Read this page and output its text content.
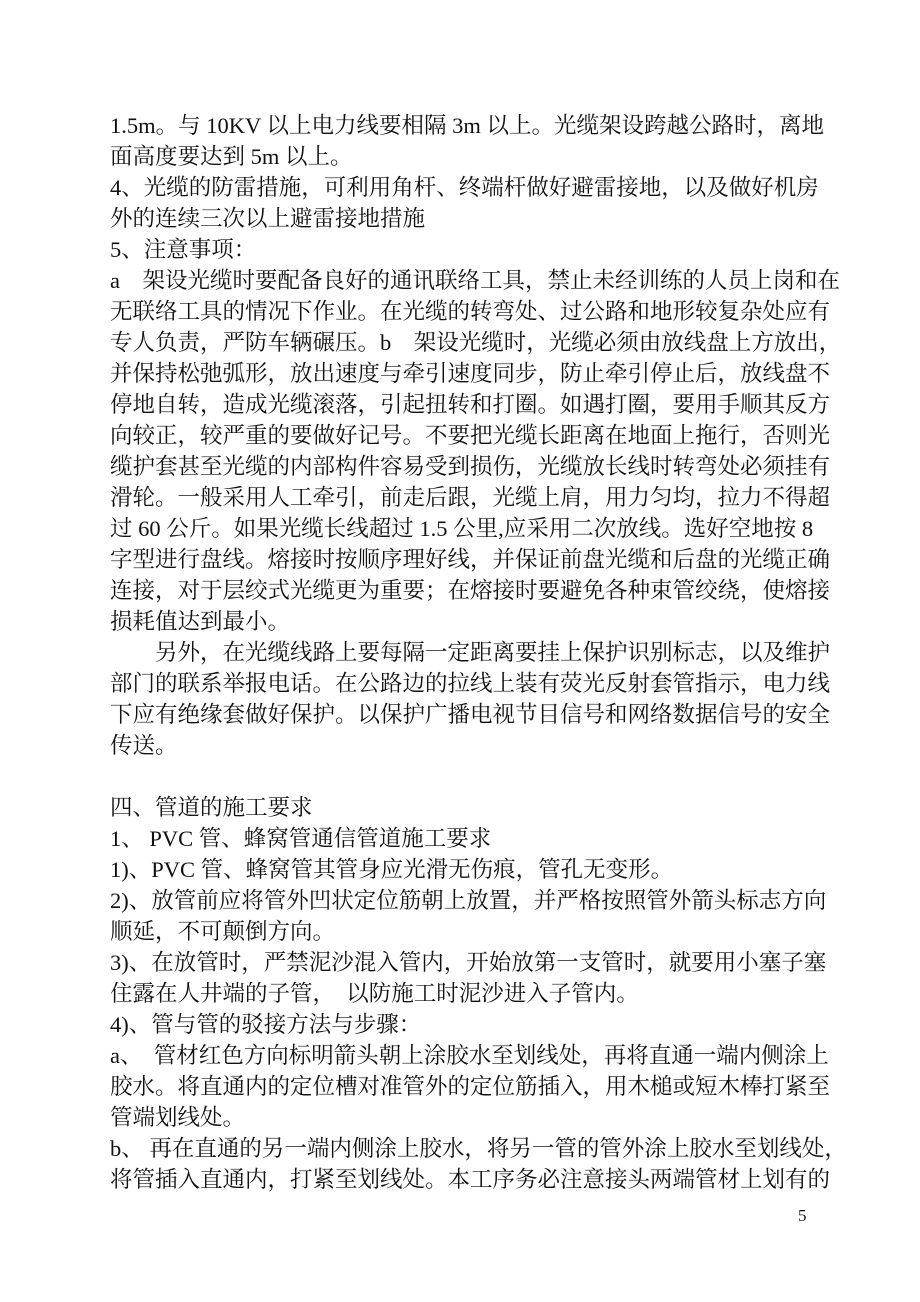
1.5m。与 10KV 以上电力线要相隔 3m 以上。光缆架设跨越公路时，离地
面高度要达到 5m 以上。
4、光缆的防雷措施，可利用角杆、终端杆做好避雷接地，以及做好机房
外的连续三次以上避雷接地措施
5、注意事项：
a　架设光缆时要配备良好的通讯联络工具，禁止未经训练的人员上岗和在
无联络工具的情况下作业。在光缆的转弯处、过公路和地形较复杂处应有
专人负责，严防车辆碾压。b　架设光缆时，光缆必须由放线盘上方放出，
并保持松弛弧形，放出速度与牵引速度同步，防止牵引停止后，放线盘不
停地自转，造成光缆滚落，引起扭转和打圈。如遇打圈，要用手顺其反方
向较正，较严重的要做好记号。不要把光缆长距离在地面上拖行，否则光
缆护套甚至光缆的内部构件容易受到损伤，光缆放长线时转弯处必须挂有
滑轮。一般采用人工牵引，前走后跟，光缆上肩，用力匀均，拉力不得超
过 60 公斤。如果光缆长线超过 1.5 公里,应采用二次放线。选好空地按 8
字型进行盘线。熔接时按顺序理好线，并保证前盘光缆和后盘的光缆正确
连接，对于层绞式光缆更为重要；在熔接时要避免各种束管绞绕，使熔接
损耗值达到最小。
　　另外，在光缆线路上要每隔一定距离要挂上保护识别标志，以及维护
部门的联系举报电话。在公路边的拉线上装有荧光反射套管指示，电力线
下应有绝缘套做好保护。以保护广播电视节目信号和网络数据信号的安全
传送。
四、管道的施工要求
1、 PVC 管、蜂窝管通信管道施工要求
1)、PVC 管、蜂窝管其管身应光滑无伤痕，管孔无变形。
2)、放管前应将管外凹状定位筋朝上放置，并严格按照管外箭头标志方向
顺延，不可颠倒方向。
3)、在放管时，严禁泥沙混入管内，开始放第一支管时，就要用小塞子塞
住露在人井端的子管，　以防施工时泥沙进入子管内。
4)、管与管的驳接方法与步骤：
a、　管材红色方向标明箭头朝上涂胶水至划线处，再将直通一端内侧涂上
胶水。将直通内的定位槽对准管外的定位筋插入，用木槌或短木棒打紧至
管端划线处。
b、 再在直通的另一端内侧涂上胶水，将另一管的管外涂上胶水至划线处，
将管插入直通内，打紧至划线处。本工序务必注意接头两端管材上划有的
5
